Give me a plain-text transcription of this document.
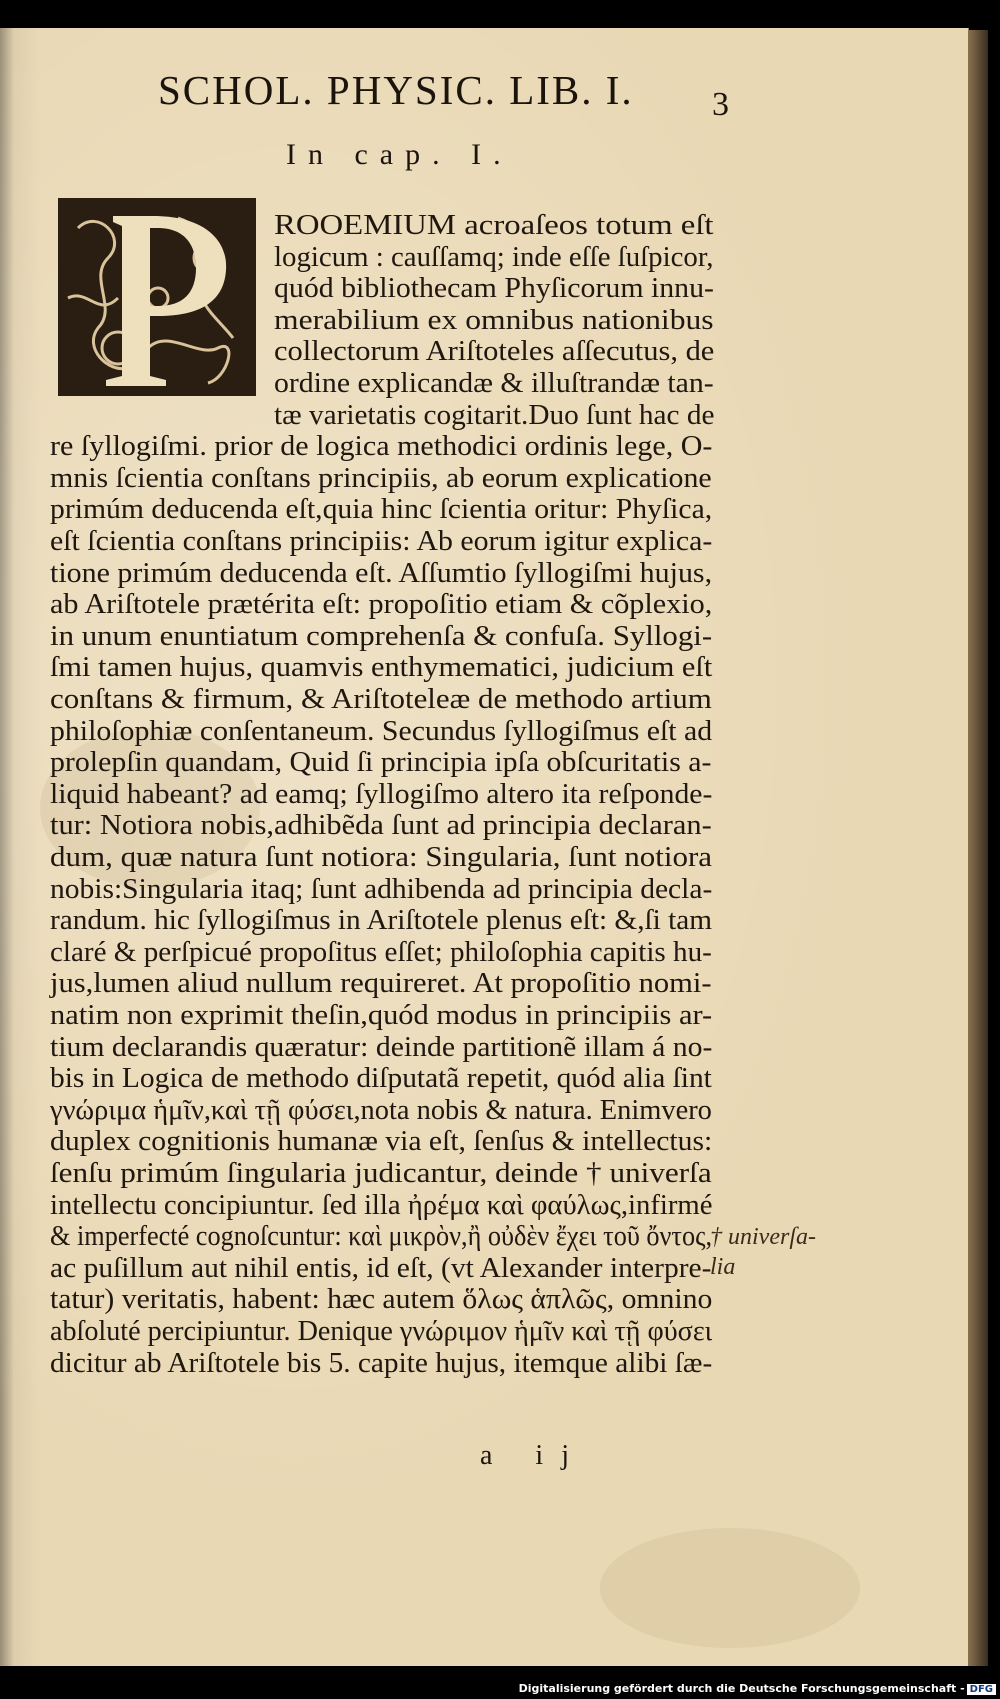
SCHOL. PHYSIC. LIB. I. 3
In cap. I.
ROOEMIUM acroaſeos totum eſt
logicum : cauſſamq; inde eſſe ſuſpicor,
quód bibliothecam Phyſicorum innu-
merabilium ex omnibus nationibus
collectorum Ariſtoteles aſſecutus, de
ordine explicandæ & illuſtrandæ tan-
tæ varietatis cogitarit.Duo ſunt hac de
re ſyllogiſmi. prior de logica methodici ordinis lege, O-
mnis ſcientia conſtans principiis, ab eorum explicatione
primúm deducenda eſt,quia hinc ſcientia oritur: Phyſica,
eſt ſcientia conſtans principiis: Ab eorum igitur explica-
tione primúm deducenda eſt. Aſſumtio ſyllogiſmi hujus,
ab Ariſtotele prætérita eſt: propoſitio etiam & cõplexio,
in unum enuntiatum comprehenſa & confuſa. Syllogi-
ſmi tamen hujus, quamvis enthymematici, judicium eſt
conſtans & firmum, & Ariſtoteleæ de methodo artium
philoſophiæ conſentaneum. Secundus ſyllogiſmus eſt ad
prolepſin quandam, Quid ſi principia ipſa obſcuritatis a-
liquid habeant? ad eamq; ſyllogiſmo altero ita reſponde-
tur: Notiora nobis,adhibẽda ſunt ad principia declaran-
dum, quæ natura ſunt notiora: Singularia, ſunt notiora
nobis:Singularia itaq; ſunt adhibenda ad principia decla-
randum. hic ſyllogiſmus in Ariſtotele plenus eſt: &,ſi tam
claré & perſpicué propoſitus eſſet; philoſophia capitis hu-
jus,lumen aliud nullum requireret. At propoſitio nomi-
natim non exprimit theſin,quód modus in principiis ar-
tium declarandis quæratur: deinde partitionẽ illam á no-
bis in Logica de methodo diſputatã repetit, quód alia ſint
γνώριμα ἡμῖν,καὶ τῇ φύσει,nota nobis & natura. Enimvero
duplex cognitionis humanæ via eſt, ſenſus & intellectus:
ſenſu primúm ſingularia judicantur, deinde † univerſa
intellectu concipiuntur. ſed illa ἠρέμα καὶ φαύλως,infirmé
& imperfecté cognoſcuntur: καὶ μικρὸν,ἢ οὐδὲν ἔχει τοῦ ὄντος,
ac puſillum aut nihil entis, id eſt, (vt Alexander interpre-
tatur) veritatis, habent: hæc autem ὅλως ἁπλῶς, omnino
abſoluté percipiuntur. Denique γνώριμον ἡμῖν καὶ τῇ φύσει
dicitur ab Ariſtotele bis 5. capite hujus, itemque alibi ſæ-
† univerſa-
lia
a ij
Digitalisierung gefördert durch die Deutsche Forschungsgemeinschaft - DFG
